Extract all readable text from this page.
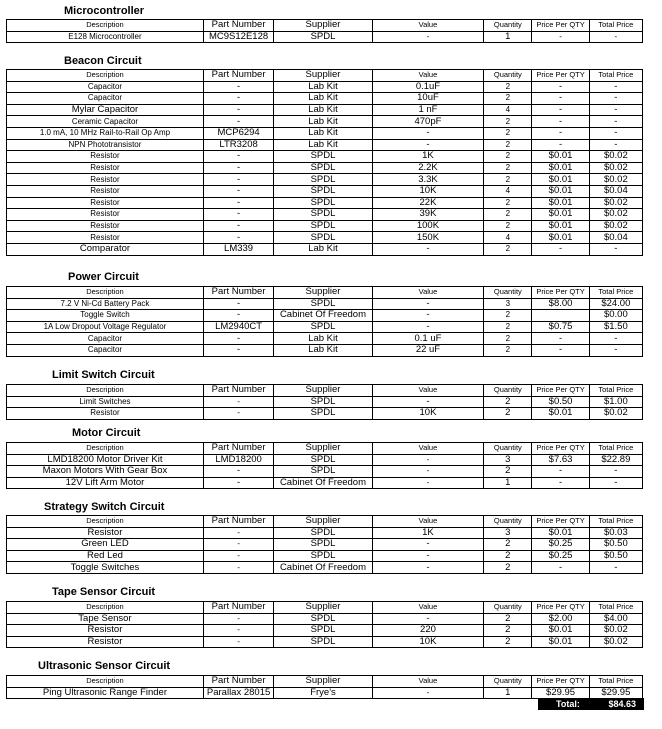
Microcontroller
Description	Part Number	Supplier	Value	Quantity	Price Per QTY	Total Price
E128 Microcontroller	MC9S12E128	SPDL	-	1	-	-
Beacon Circuit
Description	Part Number	Supplier	Value	Quantity	Price Per QTY	Total Price
Capacitor	-	Lab Kit	0.1uF	2	-	-
Capacitor	-	Lab Kit	10uF	2	-	-
Mylar Capacitor	-	Lab Kit	1 nF	4	-	-
Ceramic Capacitor	-	Lab Kit	470pF	2	-	-
1.0 mA, 10 MHz Rail-to-Rail Op Amp	MCP6294	Lab Kit	-	2	-	-
NPN Phototransistor	LTR3208	Lab Kit	-	2	-	-
Resistor	-	SPDL	1K	2	$0.01	$0.02
Resistor	-	SPDL	2.2K	2	$0.01	$0.02
Resistor	-	SPDL	3.3K	2	$0.01	$0.02
Resistor	-	SPDL	10K	4	$0.01	$0.04
Resistor	-	SPDL	22K	2	$0.01	$0.02
Resistor	-	SPDL	39K	2	$0.01	$0.02
Resistor	-	SPDL	100K	2	$0.01	$0.02
Resistor	-	SPDL	150K	4	$0.01	$0.04
Comparator	LM339	Lab Kit	-	2	-	-
Power Circuit
Description	Part Number	Supplier	Value	Quantity	Price Per QTY	Total Price
7.2 V Ni-Cd Battery Pack	-	SPDL	-	3	$8.00	$24.00
Toggle Switch	-	Cabinet Of Freedom	-	2		$0.00
1A Low Dropout Voltage Regulator	LM2940CT	SPDL	-	2	$0.75	$1.50
Capacitor	-	Lab Kit	0.1 uF	2	-	-
Capacitor	-	Lab Kit	22 uF	2	-	-
Limit Switch Circuit
Description	Part Number	Supplier	Value	Quantity	Price Per QTY	Total Price
Limit Switches	-	SPDL	-	2	$0.50	$1.00
Resistor	-	SPDL	10K	2	$0.01	$0.02
Motor Circuit
Description	Part Number	Supplier	Value	Quantity	Price Per QTY	Total Price
LMD18200 Motor Driver Kit	LMD18200	SPDL	-	3	$7.63	$22.89
Maxon Motors With Gear Box	-	SPDL	-	2	-	-
12V Lift Arm Motor	-	Cabinet Of Freedom	-	1	-	-
Strategy Switch Circuit
Description	Part Number	Supplier	Value	Quantity	Price Per QTY	Total Price
Resistor	-	SPDL	1K	3	$0.01	$0.03
Green LED	-	SPDL	-	2	$0.25	$0.50
Red Led	-	SPDL	-	2	$0.25	$0.50
Toggle Switches	-	Cabinet Of Freedom	-	2	-	-
Tape Sensor Circuit
Description	Part Number	Supplier	Value	Quantity	Price Per QTY	Total Price
Tape Sensor	-	SPDL	-	2	$2.00	$4.00
Resistor	-	SPDL	220	2	$0.01	$0.02
Resistor	-	SPDL	10K	2	$0.01	$0.02
Ultrasonic Sensor Circuit
Description	Part Number	Supplier	Value	Quantity	Price Per QTY	Total Price
Ping Ultrasonic Range Finder	Parallax 28015	Frye's	-	1	$29.95	$29.95
Total:	$84.63
